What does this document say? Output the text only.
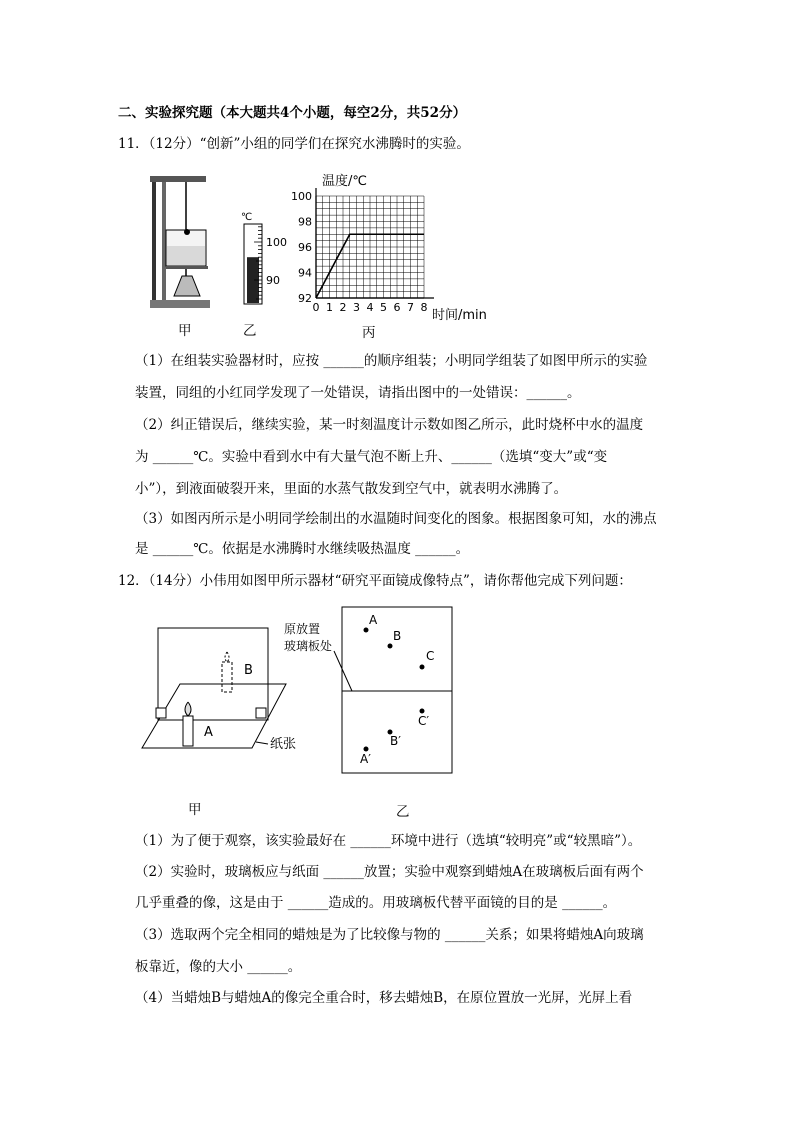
二、实验探究题（本大题共4个小题，每空2分，共52分）
11．（12分）“创新”小组的同学们在探究水沸腾时的实验。
甲
℃
100
90
乙
92
94
96
98
100
0 1 2 3 4 5 6 7 8
温度/℃
时间/min
丙
（1）在组装实验器材时，应按 ______的顺序组装；小明同学组装了如图甲所示的实验
装置，同组的小红同学发现了一处错误，请指出图中的一处错误：______。
（2）纠正错误后，继续实验，某一时刻温度计示数如图乙所示，此时烧杯中水的温度
为 ______℃。实验中看到水中有大量气泡不断上升、______（选填“变大”或“变
小”），到液面破裂开来，里面的水蒸气散发到空气中，就表明水沸腾了。
（3）如图丙所示是小明同学绘制出的水温随时间变化的图象。根据图象可知，水的沸点
是 ______℃。依据是水沸腾时水继续吸热温度 ______。
12．（14分）小伟用如图甲所示器材“研究平面镜成像特点”，请你帮他完成下列问题：
B
A
纸张
甲
原放置
玻璃板处
A
B
C
C′
B′
A′
乙
（1）为了便于观察，该实验最好在 ______环境中进行（选填“较明亮”或“较黑暗”）。
（2）实验时，玻璃板应与纸面 ______放置；实验中观察到蜡烛A在玻璃板后面有两个
几乎重叠的像，这是由于 ______造成的。用玻璃板代替平面镜的目的是 ______。
（3）选取两个完全相同的蜡烛是为了比较像与物的 ______关系；如果将蜡烛A向玻璃
板靠近，像的大小 ______。
（4）当蜡烛B与蜡烛A的像完全重合时，移去蜡烛B，在原位置放一光屏，光屏上看
